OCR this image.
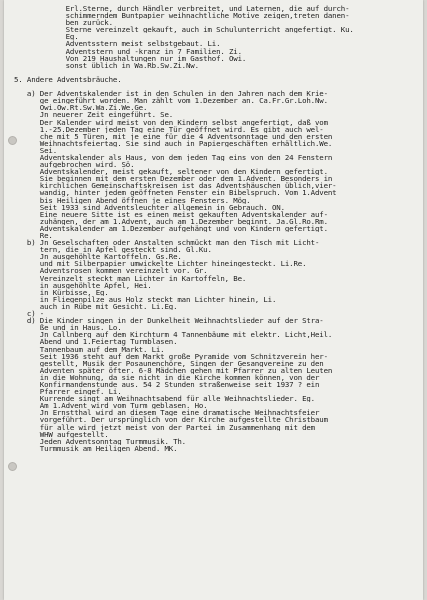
Erl.Sterne, durch Händler verbreitet, und Laternen, die auf durch-
schimmerndem Buntpapier weihnachtliche Motive zeigen,treten danen-
ben zurück.
Sterne vereinzelt gekauft, auch im Schulunterricht angefertigt. Ku.
Eg.
Adventsstern meist selbstgebaut. Li.
Adventstern und -kranz in 7 Familien. Zi.
Von 219 Haushaltungen nur im Gasthof. Owi.
sonst üblich in Wa.Rb.Sw.Zi.Nw.
5. Andere Adventsbräuche.
a) Der Adventskalender ist in den Schulen in den Jahren nach dem Krie-
ge eingeführt worden. Man zählt vom 1.Dezember an. Ca.Fr.Gr.Loh.Nw.
Owi.Ow.Rt.Sw.Wa.Zi.We.Ge.
Jn neuerer Zeit eingeführt. Se.
Der Kalender wird meist von den Kindern selbst angefertigt, daß vom
1.-25.Dezember jeden Tag eine Tür geöffnet wird. Es gibt auch wel-
che mit 5 Türen, mit je eine für die 4 Adventsonntage und den ersten
Weihnachtsfeiertag. Sie sind auch in Papiergeschäften erhältlich.We.
Sei.
Adventskalender als Haus, von dem jeden Tag eins von den 24 Fenstern
aufgebrochen wird. Sö.
Adventskalender, meist gekauft, seltener von den Kindern gefertigt.
Sie beginnen mit dem ersten Dezember oder dem 1.Advent. Besonders in
kirchlichen Gemeinschaftskreisen ist das Adventshäuschen üblich,vier-
wandig, hinter jedem geöffneten Fenster ein Bibelspruch. Vom 1.Advent
bis Heiligen Abend öffnen je eines Fensters. Mög.
Seit 1933 sind Adventsleuchter allgemein in Gebrauch. ON.
Eine neuere Sitte ist es einen meist gekauften Adventskalender auf-
zuhängen, der am 1.Advent, auch am 1.Dezember beginnt. Ja.Gl.Ro.Rm.
Adventskalender am 1.Dezember aufgehängt und von Kindern gefertigt.
Re.
b) Jn Geselschaften oder Anstalten schmückt man den Tisch mit Licht-
tern, die in Äpfel gesteckt sind. Gl.Ku.
Jn ausgehöhlte Kartoffeln. Gs.Re.
und mit Silberpapier umwickelte Lichter hineingesteckt. Li.Re.
Adventsrosen kommen vereinzelt vor. Gr.
Vereinzelt steckt man Lichter in Kartoffeln, Be.
in ausgehöhlte Äpfel, Hei.
in Kürbisse, Eg.
in Fliegenpilze aus Holz steckt man Lichter hinein, Li.
auch in Rübe mit Gesicht. Li.Eg.
c) -
d) Die Kinder singen in der Dunkelheit Weihnachtslieder auf der Stra-
ße und in Haus. Lo.
Jn Callnberg auf dem Kirchturm 4 Tannenbäume mit elektr. Licht,Heil.
Abend und 1.Feiertag Turmblasen.
Tannenbaum auf dem Markt. Li.
Seit 1936 steht auf dem Markt große Pyramide vom Schnitzverein her-
gestellt, Musik der Posaunenchöre, Singen der Gesangvereine zu den
Adventen später öfter. 6-8 Mädchen gehen mit Pfarrer zu alten Leuten
in die Wohnung, da sie nicht in die Kirche kommen können, von der
Konfirmandenstunde aus. 54 2 Stunden straßenweise seit 1937 ? ein
Pfarrer eingef. Li.
Kurrende singt am Weihnachtsabend für alle Weihnachtslieder. Eg.
Am 1.Advent wird vom Turm geblasen. Ho.
Jn Ernstthal wird an diesem Tage eine dramatische Weihnachtsfeier
vorgeführt. Der ursprünglich von der Kirche aufgestellte Christbaum
für alle wird jetzt meist von der Partei im Zusammenhang mit dem
WHW aufgestellt.
Jeden Adventsonntag Turmmusik. Th.
Turmmusik am Heiligen Abend. MK.
